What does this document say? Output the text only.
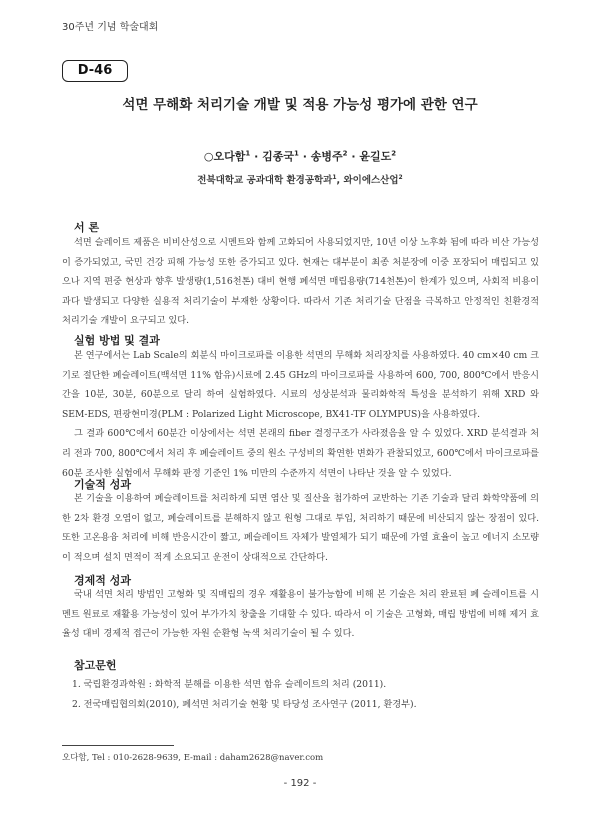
30주년 기념 학술대회
D-46
석면 무해화 처리기술 개발 및 적용 가능성 평가에 관한 연구
○오다함$^1$ · 김종국$^1$ · 송병주$^2$ · 윤길도$^2$
전북대학교 공과대학 환경공학과$^1$, 와이에스산업$^2$
서 론

석면 슬레이트 제품은 비비산성으로 시멘트와 함께 고화되어 사용되었지만, 10년 이상 노후화 됨에 따라 비산 가능성이 증가되었고, 국민 건강 피해 가능성 또한 증가되고 있다. 현재는 대부분이 최종 처분장에 이중 포장되어 매립되고 있으나 지역 편중 현상과 향후 발생량(1,516천톤) 대비 현행 폐석면 매립용량(714천톤)이 한계가 있으며, 사회적 비용이 과다 발생되고 다양한 실용적 처리기술이 부재한 상황이다. 따라서 기존 처리기술 단점을 극복하고 안정적인 친환경적 처리기술 개발이 요구되고 있다.

실험 방법 및 결과

본 연구에서는 Lab Scale의 회분식 마이크로파를 이용한 석면의 무해화 처리장치를 사용하였다. 40 cm×40 cm 크기로 절단한 폐슬레이트(백석면 11% 함유)시료에 2.45 GHz의 마이크로파를 사용하여 600, 700, 800℃에서 반응시간을 10분, 30분, 60분으로 달리 하여 실험하였다. 시료의 성상분석과 물리화학적 특성을 분석하기 위해 XRD 와 SEM-EDS, 편광현미경(PLM : Polarized Light Microscope, BX41-TF OLYMPUS)을 사용하였다.

그 결과 600℃에서 60분간 이상에서는 석면 본래의 fiber 결정구조가 사라졌음을 알 수 있었다. XRD 분석결과 처리 전과 700, 800℃에서 처리 후 폐슬레이트 중의 원소 구성비의 확연한 변화가 관찰되었고, 600℃에서 마이크로파를 60분 조사한 실험에서 무해화 판정 기준인 1% 미만의 수준까지 석면이 나타난 것을 알 수 있었다.

기술적 성과

본 기술을 이용하여 폐슬레이트를 처리하게 되면 염산 및 질산을 첨가하여 교반하는 기존 기술과 달리 화학약품에 의한 2차 환경 오염이 없고, 폐슬레이트를 분해하지 않고 원형 그대로 투입, 처리하기 때문에 비산되지 않는 장점이 있다. 또한 고온용융 처리에 비해 반응시간이 짧고, 폐슬레이트 자체가 발열체가 되기 때문에 가열 효율이 높고 에너지 소모량이 적으며 설치 면적이 적게 소요되고 운전이 상대적으로 간단하다.

경제적 성과

국내 석면 처리 방법인 고형화 및 직매립의 경우 재활용이 불가능함에 비해 본 기술은 처리 완료된 폐 슬레이트를 시멘트 원료로 재활용 가능성이 있어 부가가치 창출을 기대할 수 있다. 따라서 이 기술은 고형화, 매립 방법에 비해 제거 효율성 대비 경제적 접근이 가능한 자원 순환형 녹색 처리기술이 될 수 있다.

참고문헌
1. 국립환경과학원 : 화학적 분해를 이용한 석면 함유 슬레이트의 처리 (2011).
2. 전국매립협의회(2010), 폐석면 처리기술 현황 및 타당성 조사연구 (2011, 환경부).
오다함, Tel : 010-2628-9639, E-mail : daham2628@naver.com
- 192 -
